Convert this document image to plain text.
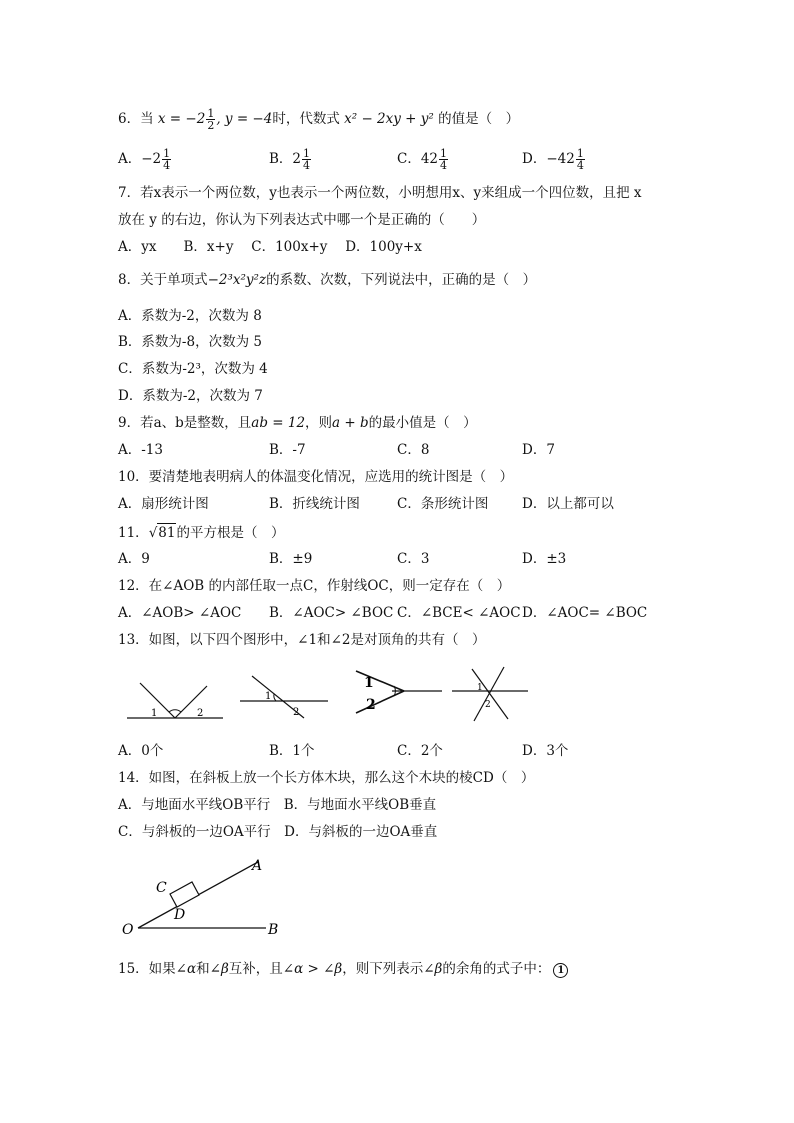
6．当 $x = -2 \frac{1}{2}$ , y = −4时，代数式 x² − 2xy + y² 的值是（　）
A．$-2 \frac{1}{4}$	B．$2 \frac{1}{4}$	C．$42 \frac{1}{4}$	D．$-42 \frac{1}{4}$
7．若x表示一个两位数，y也表示一个两位数，小明想用x、y来组成一个四位数，且把 x
放在 y 的右边，你认为下列表达式中哪一个是正确的（　　）
A．yx　　B．x+y　 C．100x+y　 D．100y+x
8．关于单项式−2³x²y²z的系数、次数，下列说法中，正确的是（　）
A．系数为-2，次数为 8
B．系数为-8，次数为 5
C．系数为-2³，次数为 4
D．系数为-2，次数为 7
9．若a、b是整数，且ab = 12，则a + b的最小值是（　）
A．-13	B．-7	C．8	D．7
10．要清楚地表明病人的体温变化情况，应选用的统计图是（　）
A．扇形统计图	B．折线统计图	C．条形统计图 D．以上都可以
11．√81的平方根是（　）
A．9	B．±9	C．3	D．±3
12．在∠AOB 的内部任取一点C，作射线OC，则一定存在（　）
A．∠AOB> ∠AOC B．∠AOC> ∠BOC C．∠BCE< ∠AOC D．∠AOC= ∠BOC
13．如图，以下四个图形中，∠1和∠2是对顶角的共有（　）
1	2
1
2
1
2
1
2
A．0个	B．1个	C．2个	D．3个
14．如图，在斜板上放一个长方体木块，那么这个木块的棱CD（　）
A．与地面水平线OB平行　B．与地面水平线OB垂直
C．与斜板的一边OA平行　D．与斜板的一边OA垂直
A
B
C
D
O
15．如果∠α和∠β互补，且∠α > ∠β，则下列表示∠β的余角的式子中： 1
